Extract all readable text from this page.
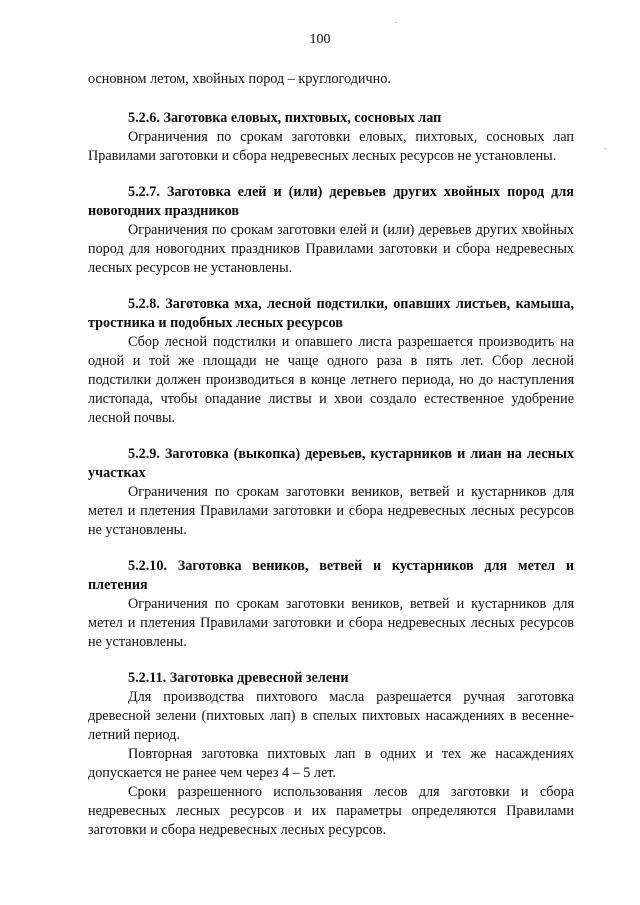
100

основном летом, хвойных пород – круглогодично.

5.2.6. Заготовка еловых, пихтовых, сосновых лап

Ограничения по срокам заготовки еловых, пихтовых, сосновых лап Правилами заготовки и сбора недревесных лесных ресурсов не установлены.

5.2.7. Заготовка елей и (или) деревьев других хвойных пород для новогодних праздников

Ограничения по срокам заготовки елей и (или) деревьев других хвойных пород для новогодних праздников Правилами заготовки и сбора недревесных лесных ресурсов не установлены.

5.2.8. Заготовка мха, лесной подстилки, опавших листьев, камыша, тростника и подобных лесных ресурсов

Сбор лесной подстилки и опавшего листа разрешается производить на одной и той же площади не чаще одного раза в пять лет. Сбор лесной подстилки должен производиться в конце летнего периода, но до наступления листопада, чтобы опадание листвы и хвои создало естественное удобрение лесной почвы.

5.2.9. Заготовка (выкопка) деревьев, кустарников и лиан на лесных участках

Ограничения по срокам заготовки веников, ветвей и кустарников для метел и плетения Правилами заготовки и сбора недревесных лесных ресурсов не установлены.

5.2.10. Заготовка веников, ветвей и кустарников для метел и плетения

Ограничения по срокам заготовки веников, ветвей и кустарников для метел и плетения Правилами заготовки и сбора недревесных лесных ресурсов не установлены.

5.2.11. Заготовка древесной зелени

Для производства пихтового масла разрешается ручная заготовка древесной зелени (пихтовых лап) в спелых пихтовых насаждениях в весенне-летний период.

Повторная заготовка пихтовых лап в одних и тех же насаждениях допускается не ранее чем через 4 – 5 лет.

Сроки разрешенного использования лесов для заготовки и сбора недревесных лесных ресурсов и их параметры определяются Правилами заготовки и сбора недревесных лесных ресурсов.
